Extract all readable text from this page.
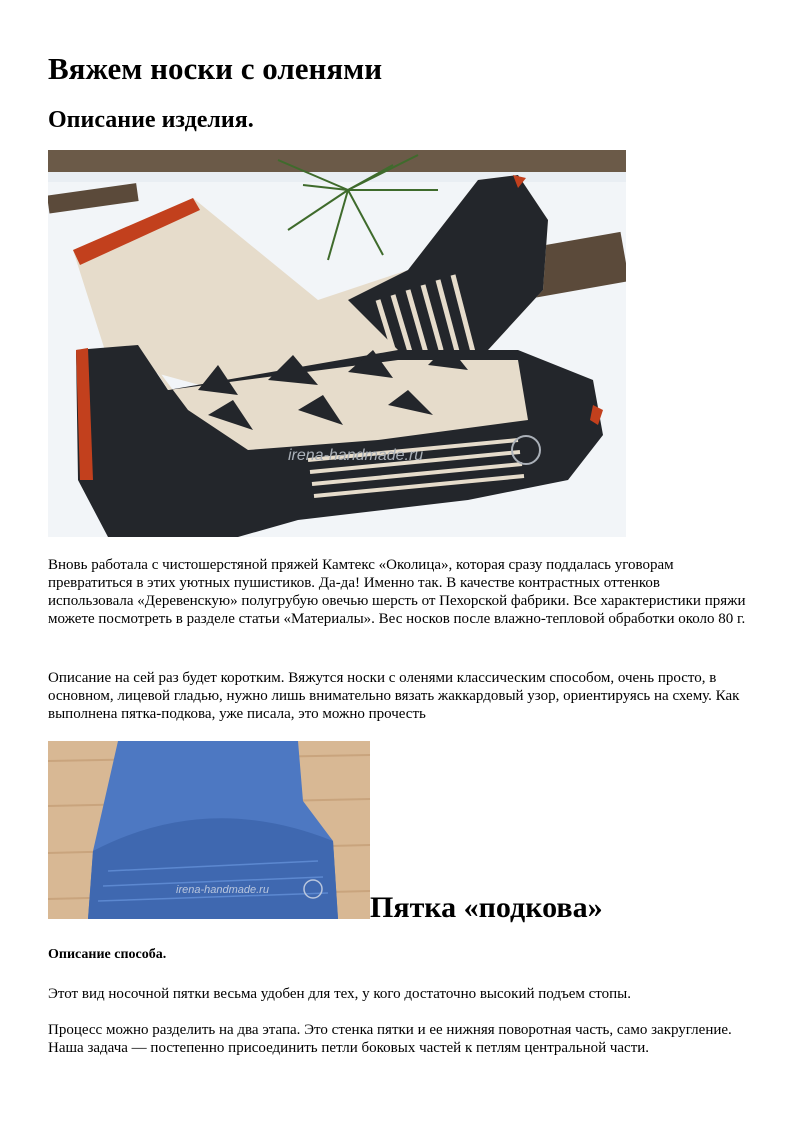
Вяжем носки с оленями
Описание изделия.
irena-handmade.ru

Вновь работала с чистошерстяной пряжей Камтекс «Околица», которая сразу поддалась уговорам превратиться в этих уютных пушистиков. Да-да! Именно так. В качестве контрастных оттенков использовала «Деревенскую» полугрубую овечью шерсть от Пехорской фабрики. Все характеристики пряжи можете посмотреть в разделе статьи «Материалы». Вес носков после влажно-тепловой обработки около 80 г.

Описание на сей раз будет коротким. Вяжутся носки с оленями классическим способом, очень просто, в основном, лицевой гладью, нужно лишь внимательно вязать жаккардовый узор, ориентируясь на схему. Как выполнена пятка-подкова, уже писала, это можно прочесть

irena-handmade.ru
Пятка «подкова»
Описание способа.

Этот вид носочной пятки весьма удобен для тех, у кого достаточно высокий подъем стопы.

Процесс можно разделить на два этапа. Это стенка пятки и ее нижняя поворотная часть, само закругление. Наша задача — постепенно присоединить петли боковых частей к петлям центральной части.
